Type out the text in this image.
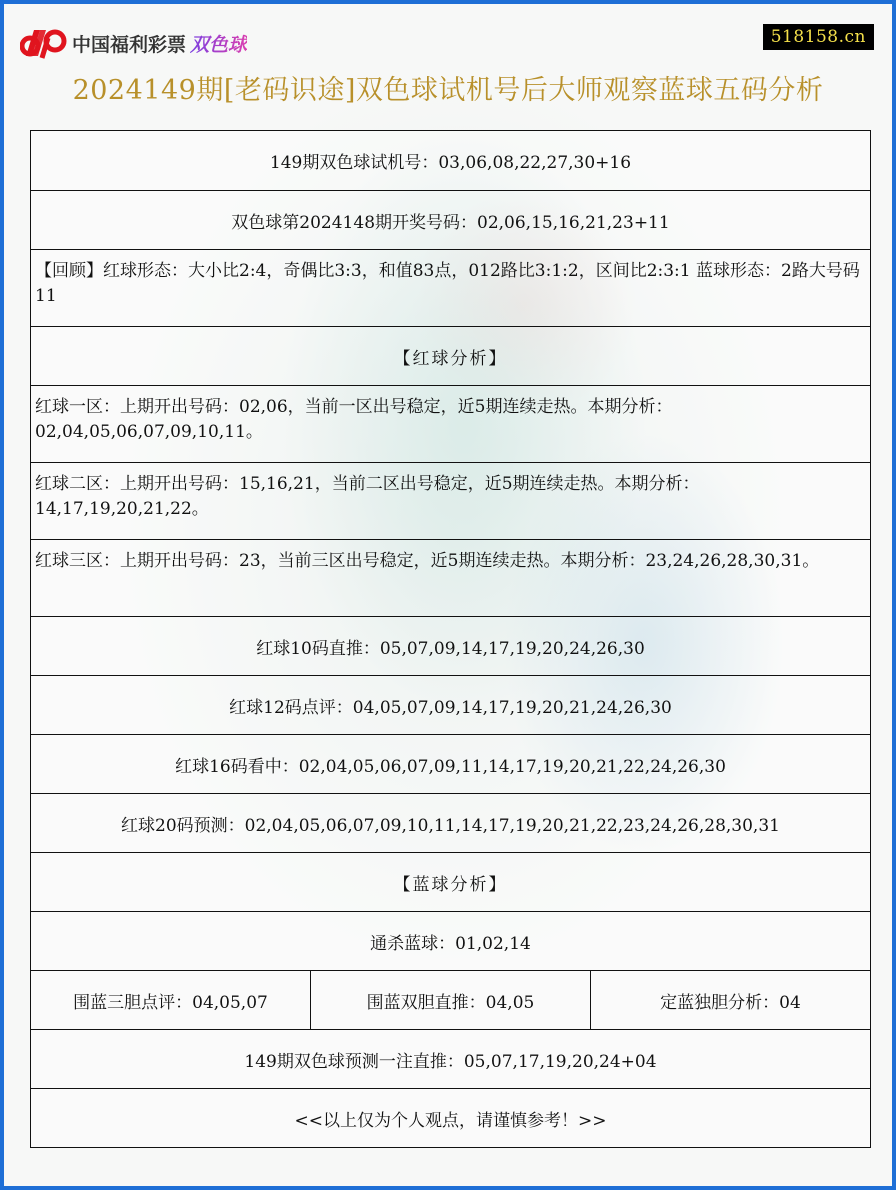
中国福利彩票 双色球	518158.cn
2024149期[老码识途]双色球试机号后大师观察蓝球五码分析
149期双色球试机号：03,06,08,22,27,30+16
双色球第2024148期开奖号码：02,06,15,16,21,23+11
【回顾】红球形态：大小比2:4，奇偶比3:3，和值83点，012路比3:1:2，区间比2:3:1 蓝球形态：2路大号码11
【红球分析】
红球一区：上期开出号码：02,06，当前一区出号稳定，近5期连续走热。本期分析：02,04,05,06,07,09,10,11。
红球二区：上期开出号码：15,16,21，当前二区出号稳定，近5期连续走热。本期分析：14,17,19,20,21,22。
红球三区：上期开出号码：23，当前三区出号稳定，近5期连续走热。本期分析：23,24,26,28,30,31。
红球10码直推：05,07,09,14,17,19,20,24,26,30
红球12码点评：04,05,07,09,14,17,19,20,21,24,26,30
红球16码看中：02,04,05,06,07,09,11,14,17,19,20,21,22,24,26,30
红球20码预测：02,04,05,06,07,09,10,11,14,17,19,20,21,22,23,24,26,28,30,31
【蓝球分析】
通杀蓝球：01,02,14
围蓝三胆点评：04,05,07	围蓝双胆直推：04,05	定蓝独胆分析：04
149期双色球预测一注直推：05,07,17,19,20,24+04
<<以上仅为个人观点，请谨慎参考！>>
